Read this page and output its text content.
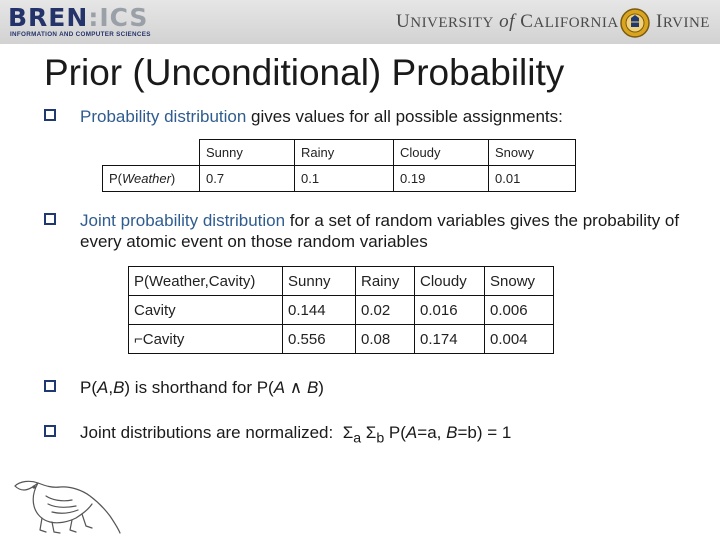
BREN:ICS
INFORMATION AND COMPUTER SCIENCES
UNIVERSITY of CALIFORNIA IRVINE
Prior (Unconditional) Probability
Probability distribution gives values for all possible assignments:
	Sunny	Rainy	Cloudy	Snowy
P(Weather)	0.7	0.1	0.19	0.01
Joint probability distribution for a set of random variables gives the probability of every atomic event on those random variables
P(Weather,Cavity)	Sunny	Rainy	Cloudy	Snowy
Cavity	0.144	0.02	0.016	0.006
⌐Cavity	0.556	0.08	0.174	0.004
P(A,B) is shorthand for P(A ∧ B)
Joint distributions are normalized:  $\Sigma_a$ $\Sigma_b$ P(A=a, B=b) = 1
